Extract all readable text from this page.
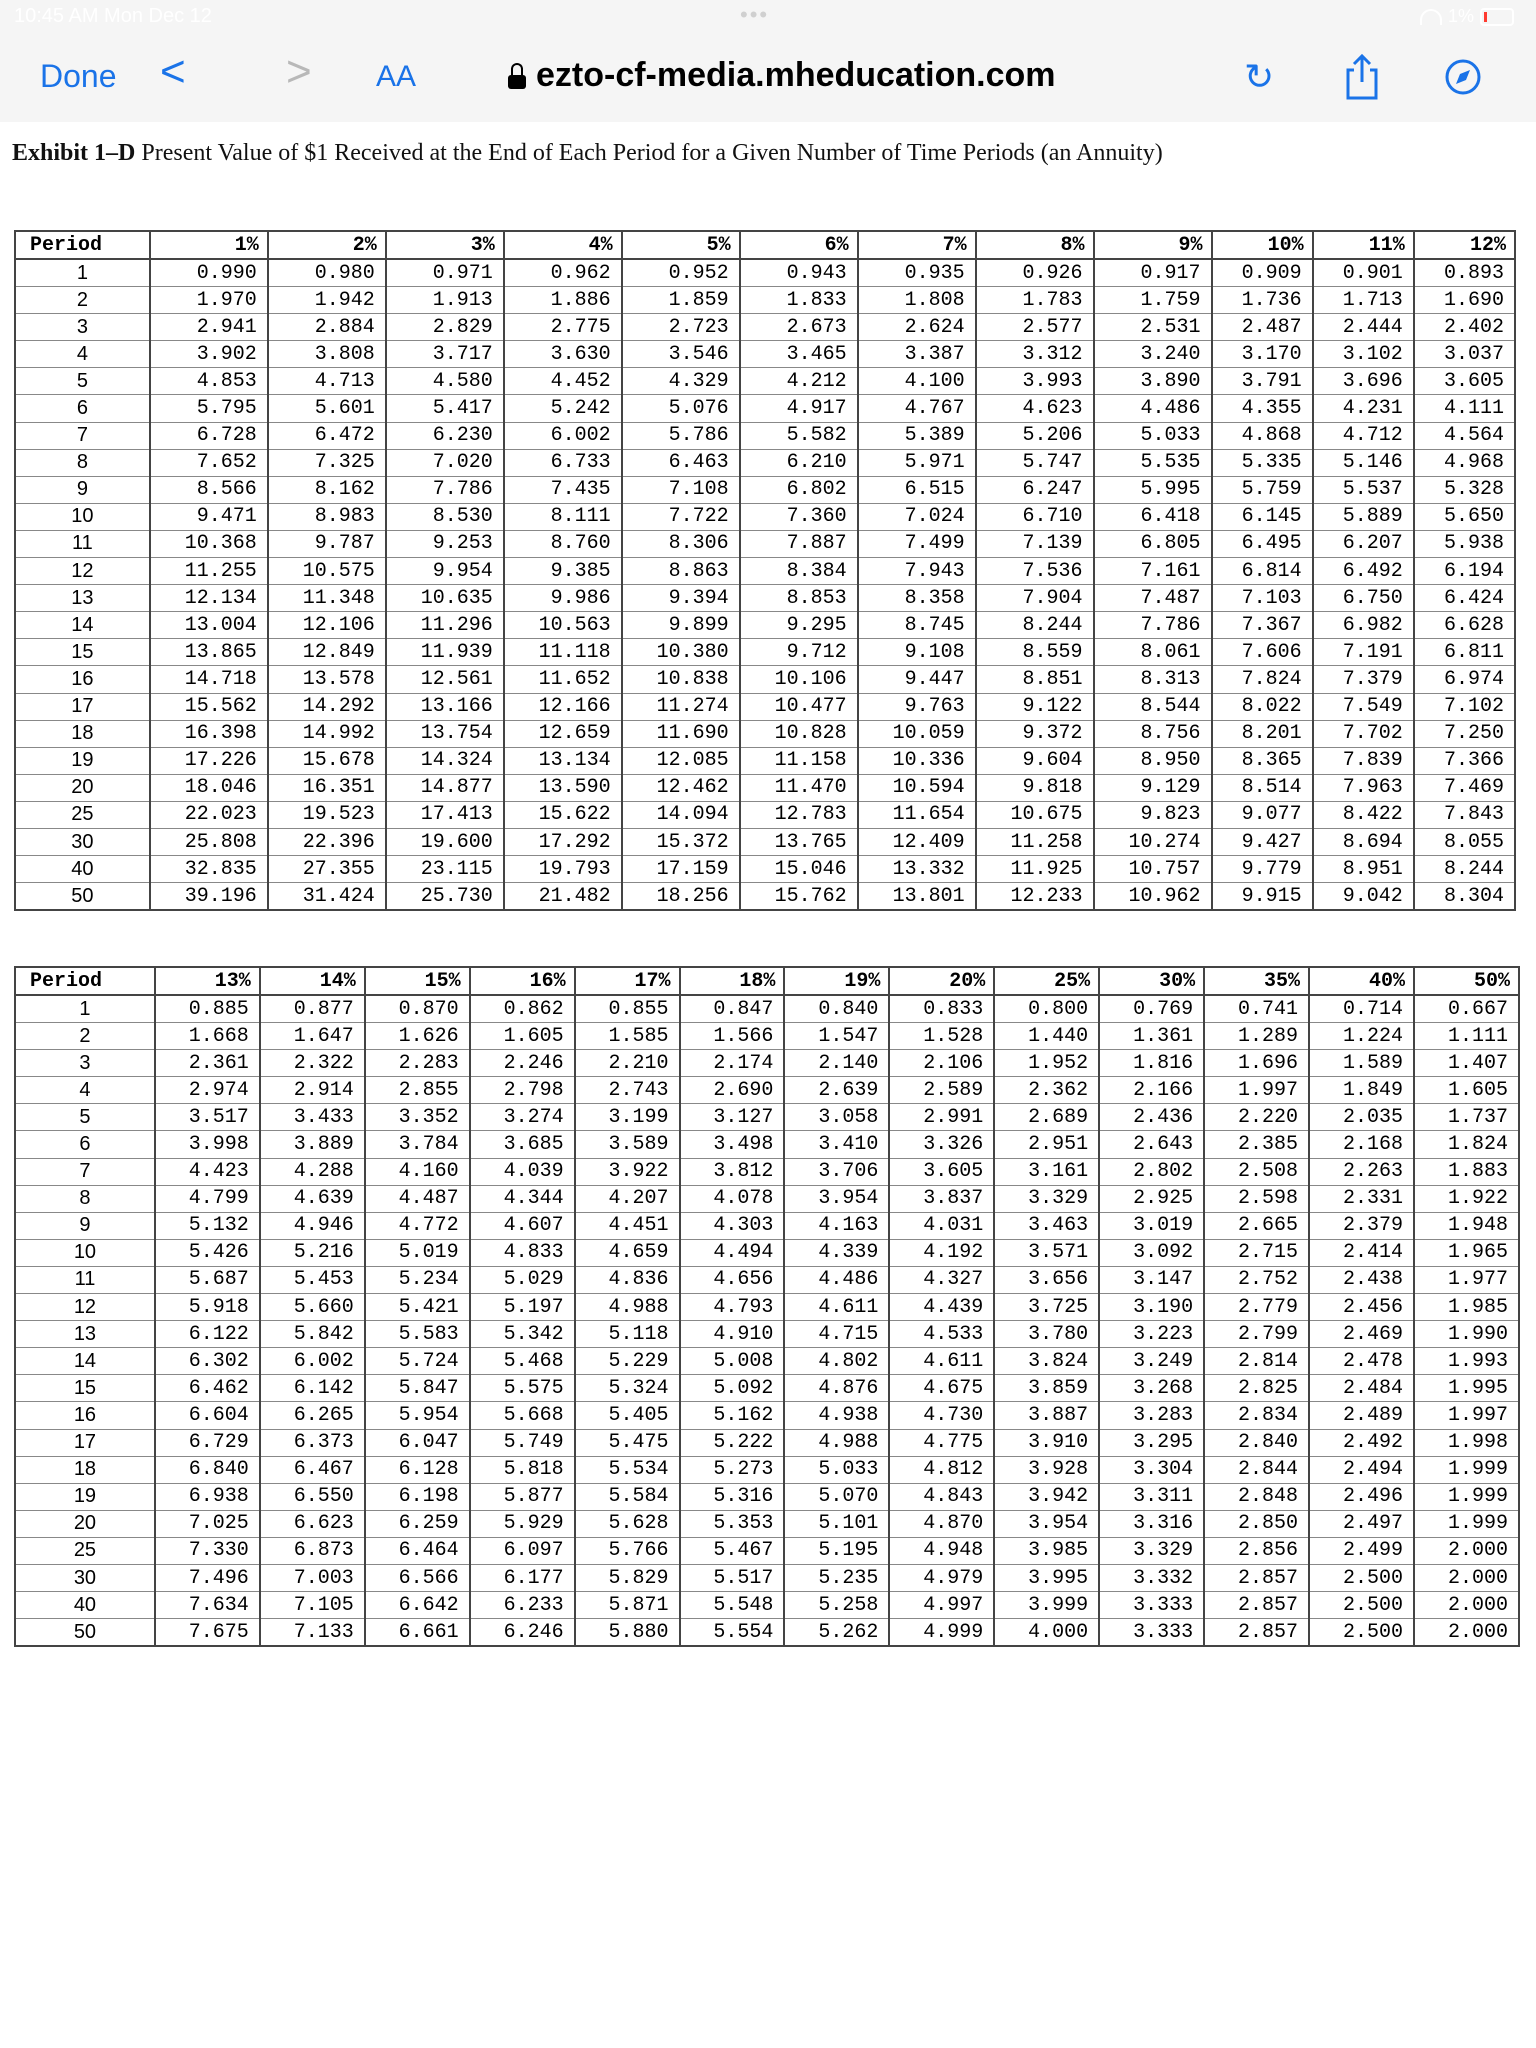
10:45 AM Mon Dec 12	•••	1%
Done < > AA	ezto-cf-media.mheducation.com	↻
Exhibit 1–D Present Value of $1 Received at the End of Each Period for a Given Number of Time Periods (an Annuity)
Period	1%	2%	3%	4%	5%	6%	7%	8%	9%	10%	11%	12%
1	0.990	0.980	0.971	0.962	0.952	0.943	0.935	0.926	0.917	0.909	0.901	0.893
2	1.970	1.942	1.913	1.886	1.859	1.833	1.808	1.783	1.759	1.736	1.713	1.690
3	2.941	2.884	2.829	2.775	2.723	2.673	2.624	2.577	2.531	2.487	2.444	2.402
4	3.902	3.808	3.717	3.630	3.546	3.465	3.387	3.312	3.240	3.170	3.102	3.037
5	4.853	4.713	4.580	4.452	4.329	4.212	4.100	3.993	3.890	3.791	3.696	3.605
6	5.795	5.601	5.417	5.242	5.076	4.917	4.767	4.623	4.486	4.355	4.231	4.111
7	6.728	6.472	6.230	6.002	5.786	5.582	5.389	5.206	5.033	4.868	4.712	4.564
8	7.652	7.325	7.020	6.733	6.463	6.210	5.971	5.747	5.535	5.335	5.146	4.968
9	8.566	8.162	7.786	7.435	7.108	6.802	6.515	6.247	5.995	5.759	5.537	5.328
10	9.471	8.983	8.530	8.111	7.722	7.360	7.024	6.710	6.418	6.145	5.889	5.650
11	10.368	9.787	9.253	8.760	8.306	7.887	7.499	7.139	6.805	6.495	6.207	5.938
12	11.255	10.575	9.954	9.385	8.863	8.384	7.943	7.536	7.161	6.814	6.492	6.194
13	12.134	11.348	10.635	9.986	9.394	8.853	8.358	7.904	7.487	7.103	6.750	6.424
14	13.004	12.106	11.296	10.563	9.899	9.295	8.745	8.244	7.786	7.367	6.982	6.628
15	13.865	12.849	11.939	11.118	10.380	9.712	9.108	8.559	8.061	7.606	7.191	6.811
16	14.718	13.578	12.561	11.652	10.838	10.106	9.447	8.851	8.313	7.824	7.379	6.974
17	15.562	14.292	13.166	12.166	11.274	10.477	9.763	9.122	8.544	8.022	7.549	7.102
18	16.398	14.992	13.754	12.659	11.690	10.828	10.059	9.372	8.756	8.201	7.702	7.250
19	17.226	15.678	14.324	13.134	12.085	11.158	10.336	9.604	8.950	8.365	7.839	7.366
20	18.046	16.351	14.877	13.590	12.462	11.470	10.594	9.818	9.129	8.514	7.963	7.469
25	22.023	19.523	17.413	15.622	14.094	12.783	11.654	10.675	9.823	9.077	8.422	7.843
30	25.808	22.396	19.600	17.292	15.372	13.765	12.409	11.258	10.274	9.427	8.694	8.055
40	32.835	27.355	23.115	19.793	17.159	15.046	13.332	11.925	10.757	9.779	8.951	8.244
50	39.196	31.424	25.730	21.482	18.256	15.762	13.801	12.233	10.962	9.915	9.042	8.304
Period	13%	14%	15%	16%	17%	18%	19%	20%	25%	30%	35%	40%	50%
1	0.885	0.877	0.870	0.862	0.855	0.847	0.840	0.833	0.800	0.769	0.741	0.714	0.667
2	1.668	1.647	1.626	1.605	1.585	1.566	1.547	1.528	1.440	1.361	1.289	1.224	1.111
3	2.361	2.322	2.283	2.246	2.210	2.174	2.140	2.106	1.952	1.816	1.696	1.589	1.407
4	2.974	2.914	2.855	2.798	2.743	2.690	2.639	2.589	2.362	2.166	1.997	1.849	1.605
5	3.517	3.433	3.352	3.274	3.199	3.127	3.058	2.991	2.689	2.436	2.220	2.035	1.737
6	3.998	3.889	3.784	3.685	3.589	3.498	3.410	3.326	2.951	2.643	2.385	2.168	1.824
7	4.423	4.288	4.160	4.039	3.922	3.812	3.706	3.605	3.161	2.802	2.508	2.263	1.883
8	4.799	4.639	4.487	4.344	4.207	4.078	3.954	3.837	3.329	2.925	2.598	2.331	1.922
9	5.132	4.946	4.772	4.607	4.451	4.303	4.163	4.031	3.463	3.019	2.665	2.379	1.948
10	5.426	5.216	5.019	4.833	4.659	4.494	4.339	4.192	3.571	3.092	2.715	2.414	1.965
11	5.687	5.453	5.234	5.029	4.836	4.656	4.486	4.327	3.656	3.147	2.752	2.438	1.977
12	5.918	5.660	5.421	5.197	4.988	4.793	4.611	4.439	3.725	3.190	2.779	2.456	1.985
13	6.122	5.842	5.583	5.342	5.118	4.910	4.715	4.533	3.780	3.223	2.799	2.469	1.990
14	6.302	6.002	5.724	5.468	5.229	5.008	4.802	4.611	3.824	3.249	2.814	2.478	1.993
15	6.462	6.142	5.847	5.575	5.324	5.092	4.876	4.675	3.859	3.268	2.825	2.484	1.995
16	6.604	6.265	5.954	5.668	5.405	5.162	4.938	4.730	3.887	3.283	2.834	2.489	1.997
17	6.729	6.373	6.047	5.749	5.475	5.222	4.988	4.775	3.910	3.295	2.840	2.492	1.998
18	6.840	6.467	6.128	5.818	5.534	5.273	5.033	4.812	3.928	3.304	2.844	2.494	1.999
19	6.938	6.550	6.198	5.877	5.584	5.316	5.070	4.843	3.942	3.311	2.848	2.496	1.999
20	7.025	6.623	6.259	5.929	5.628	5.353	5.101	4.870	3.954	3.316	2.850	2.497	1.999
25	7.330	6.873	6.464	6.097	5.766	5.467	5.195	4.948	3.985	3.329	2.856	2.499	2.000
30	7.496	7.003	6.566	6.177	5.829	5.517	5.235	4.979	3.995	3.332	2.857	2.500	2.000
40	7.634	7.105	6.642	6.233	5.871	5.548	5.258	4.997	3.999	3.333	2.857	2.500	2.000
50	7.675	7.133	6.661	6.246	5.880	5.554	5.262	4.999	4.000	3.333	2.857	2.500	2.000
